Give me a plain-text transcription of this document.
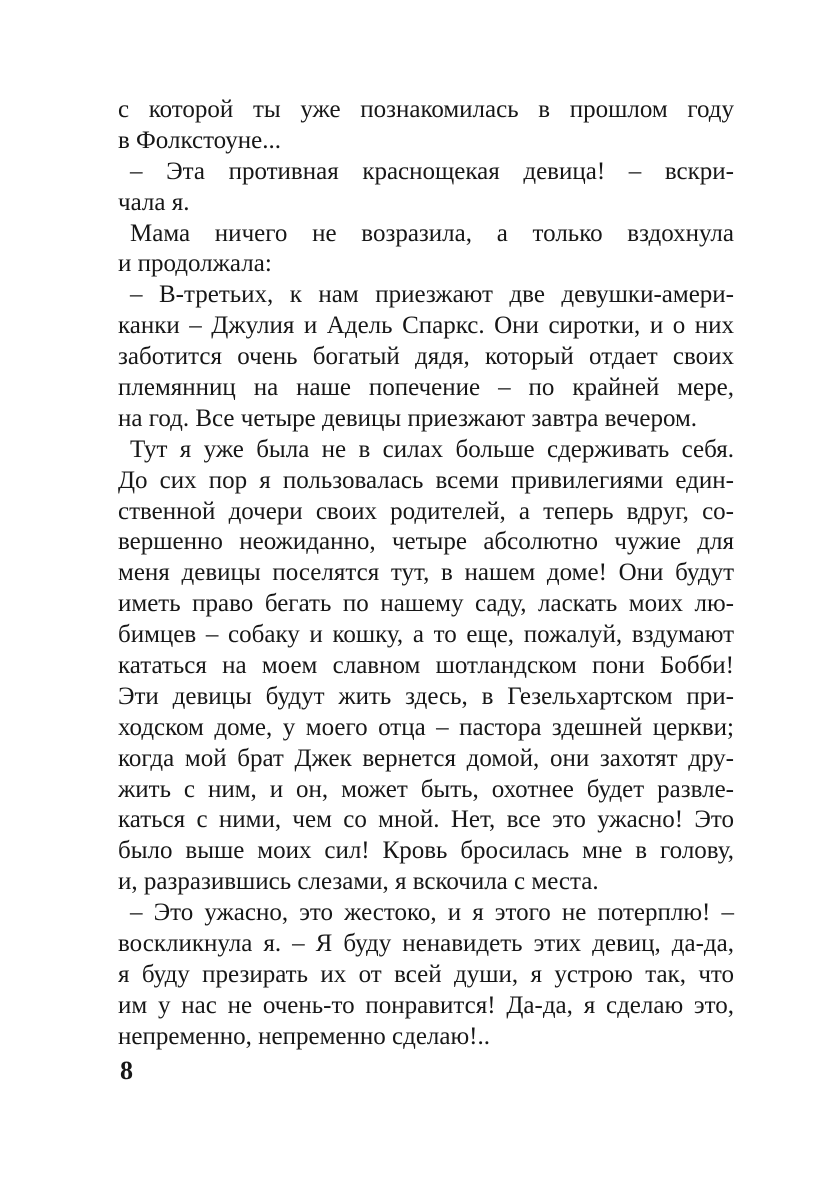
с которой ты уже познакомилась в прошлом году
в Фолкстоуне...
– Эта противная краснощекая девица! – вскри-
чала я.
Мама ничего не возразила, а только вздохнула
и продолжала:
– В-третьих, к нам приезжают две девушки-амери-
канки – Джулия и Адель Спаркс. Они сиротки, и о них
заботится очень богатый дядя, который отдает своих
племянниц на наше попечение – по крайней мере,
на год. Все четыре девицы приезжают завтра вечером.
Тут я уже была не в силах больше сдерживать себя.
До сих пор я пользовалась всеми привилегиями един-
ственной дочери своих родителей, а теперь вдруг, со-
вершенно неожиданно, четыре абсолютно чужие для
меня девицы поселятся тут, в нашем доме! Они будут
иметь право бегать по нашему саду, ласкать моих лю-
бимцев – собаку и кошку, а то еще, пожалуй, вздумают
кататься на моем славном шотландском пони Бобби!
Эти девицы будут жить здесь, в Гезельхартском при-
ходском доме, у моего отца – пастора здешней церкви;
когда мой брат Джек вернется домой, они захотят дру-
жить с ним, и он, может быть, охотнее будет развле-
каться с ними, чем со мной. Нет, все это ужасно! Это
было выше моих сил! Кровь бросилась мне в голову,
и, разразившись слезами, я вскочила с места.
– Это ужасно, это жестоко, и я этого не потерплю! –
воскликнула я. – Я буду ненавидеть этих девиц, да-да,
я буду презирать их от всей души, я устрою так, что
им у нас не очень-то понравится! Да-да, я сделаю это,
непременно, непременно сделаю!..
8
